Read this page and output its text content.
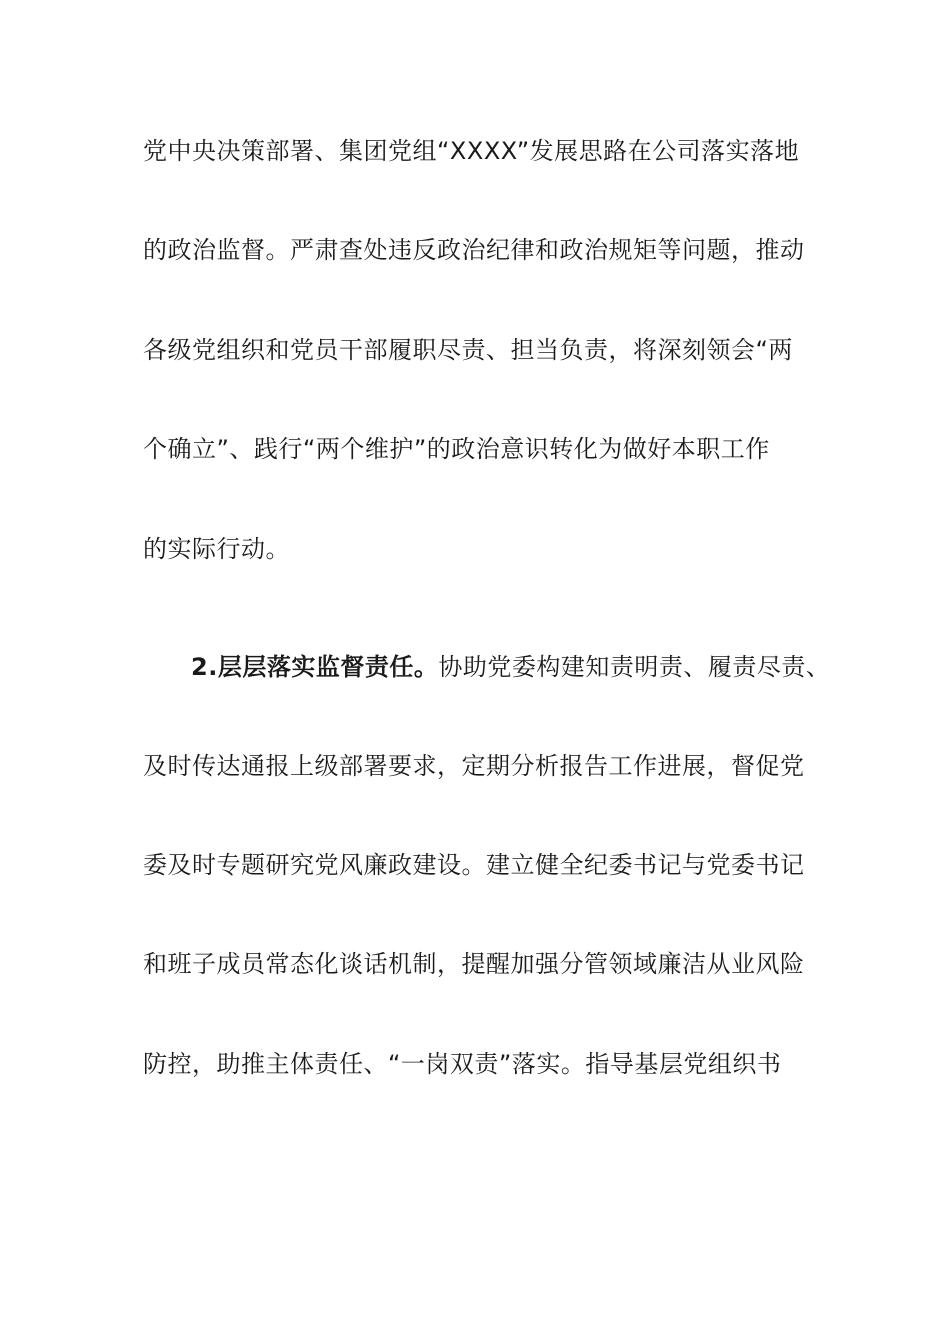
党中央决策部署、集团党组“XXXX”发展思路在公司落实落地
的政治监督。严肃查处违反政治纪律和政治规矩等问题，推动
各级党组织和党员干部履职尽责、担当负责，将深刻领会“两
个确立”、践行“两个维护”的政治意识转化为做好本职工作
的实际行动。
2.层层落实监督责任。协助党委构建知责明责、履责尽责、
及时传达通报上级部署要求，定期分析报告工作进展，督促党
委及时专题研究党风廉政建设。建立健全纪委书记与党委书记
和班子成员常态化谈话机制，提醒加强分管领域廉洁从业风险
防控，助推主体责任、“一岗双责”落实。指导基层党组织书
